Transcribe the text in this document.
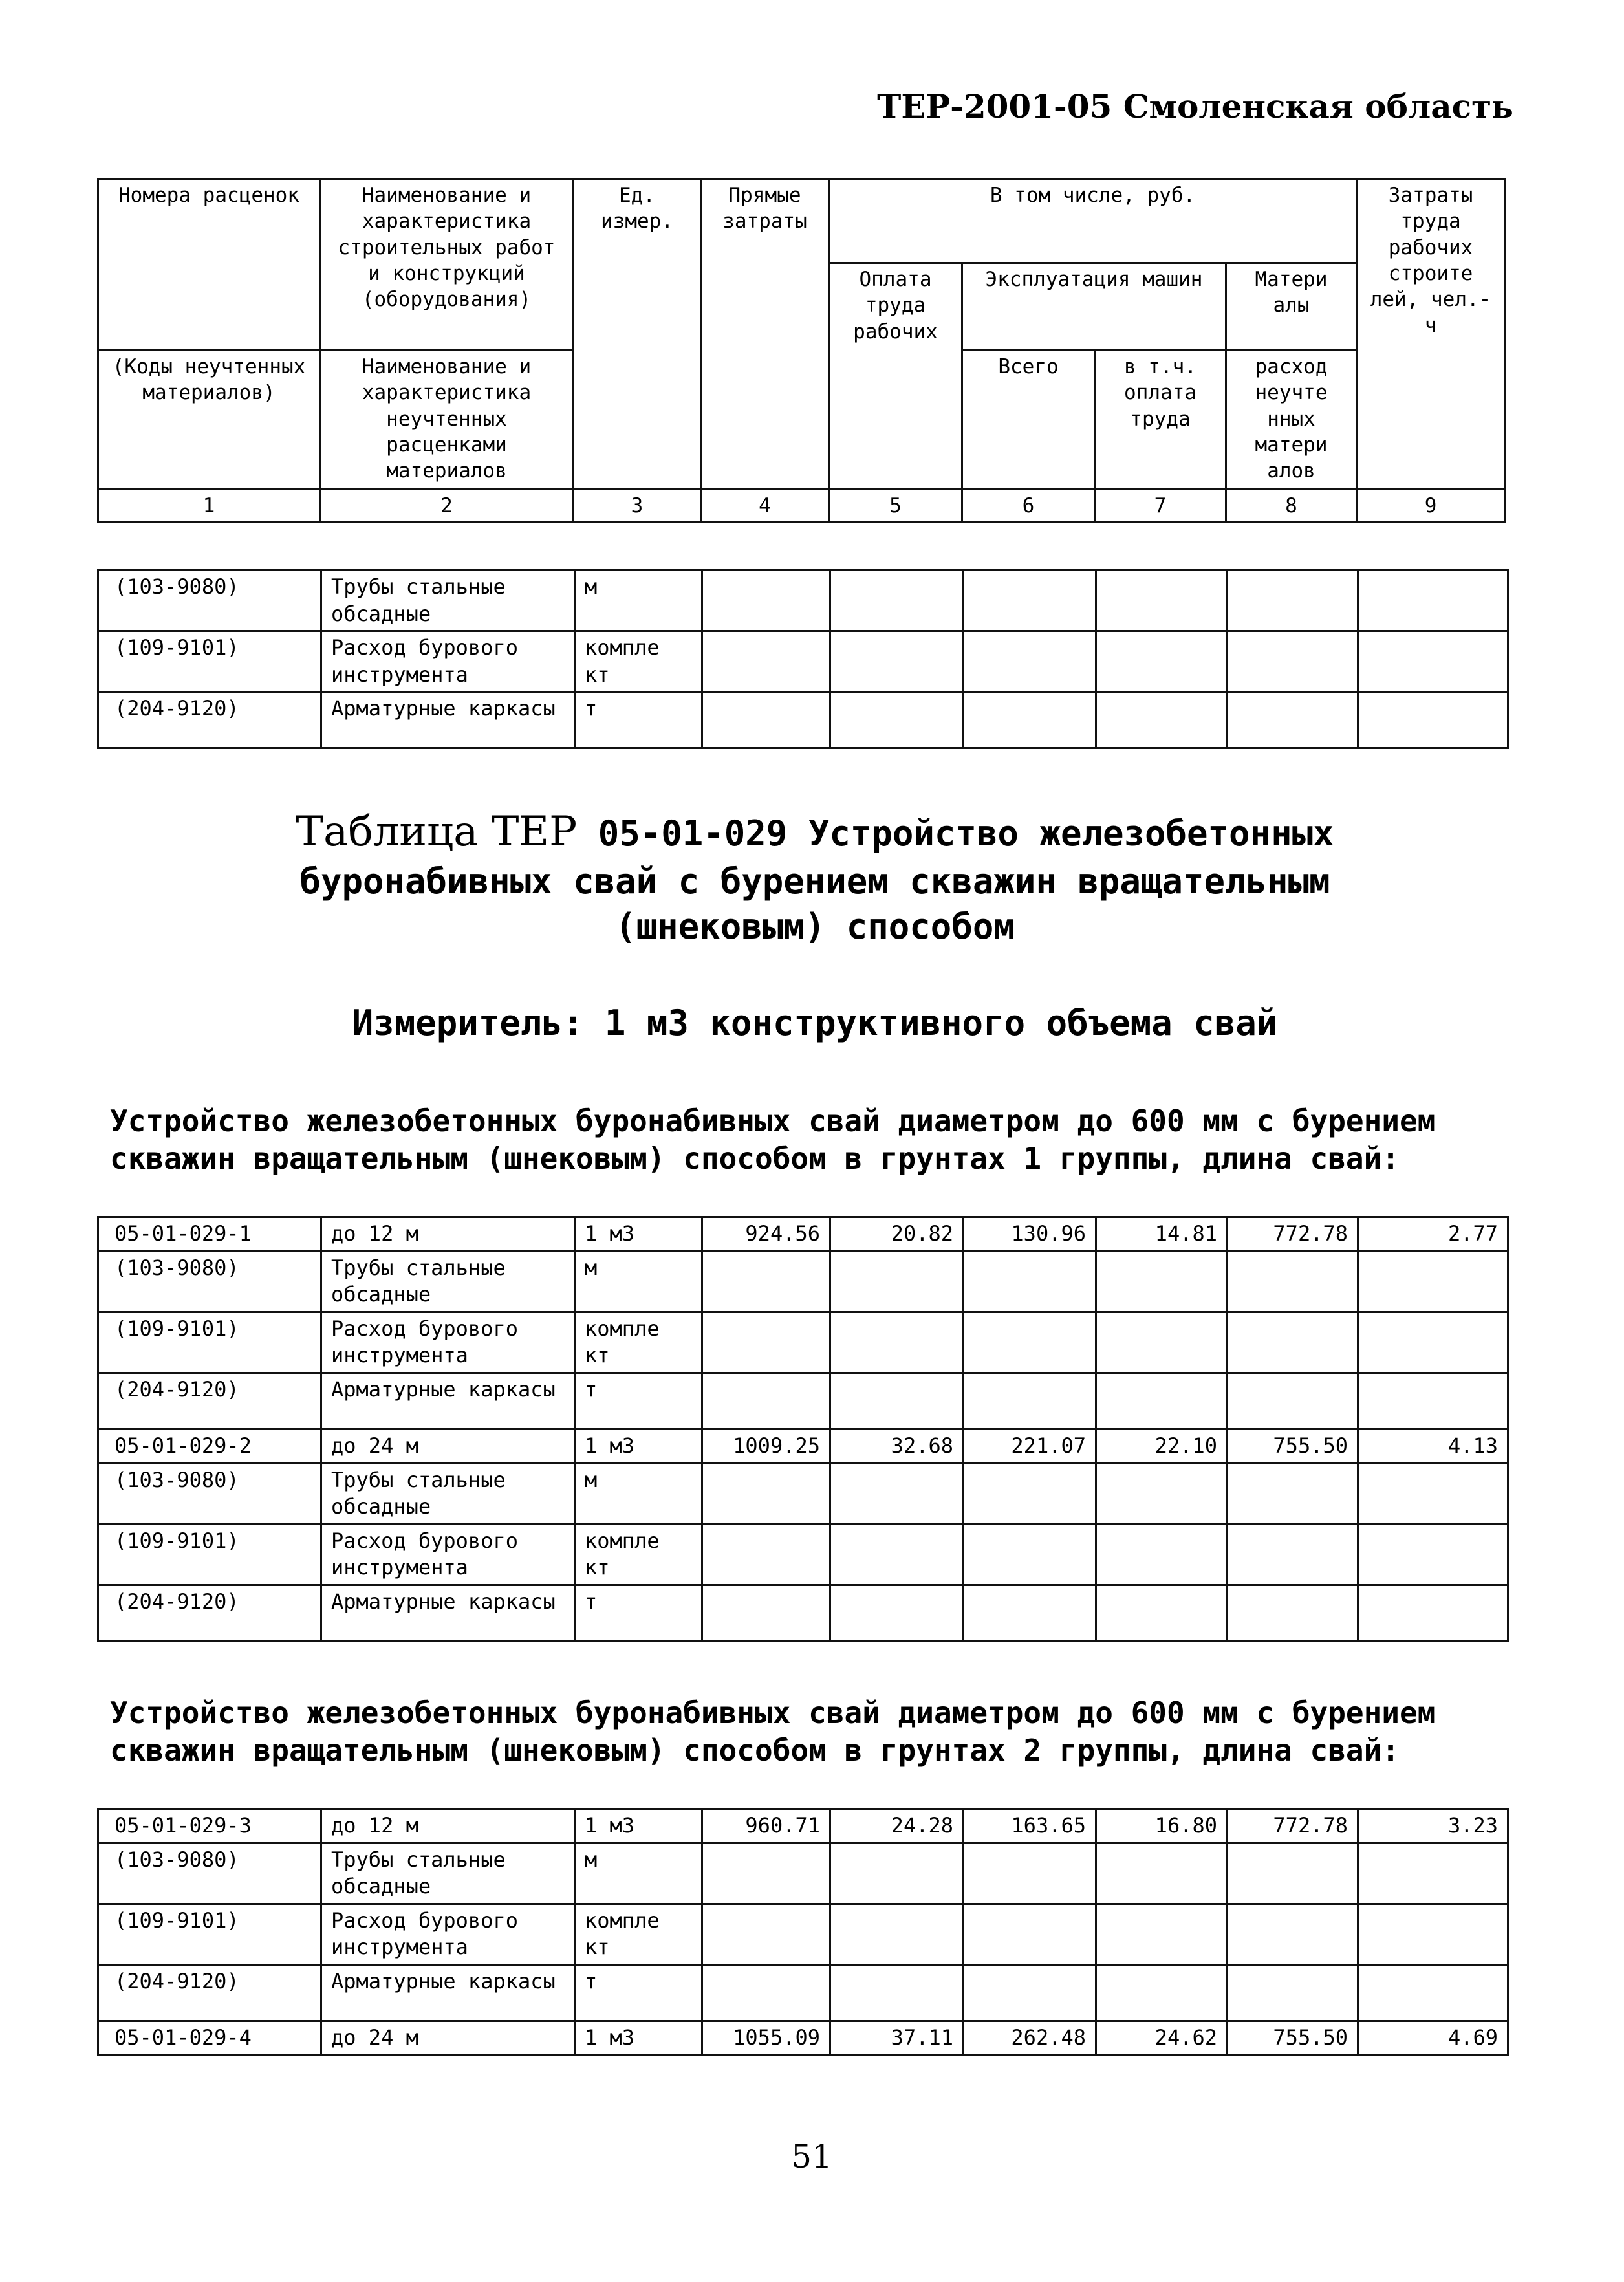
ТЕР-2001-05 Смоленская область
Номера расценок	Наименование и характеристика строительных работ и конструкций (оборудования)	Ед. измер.	Прямые затраты	В том числе, руб.				Затраты труда рабочих строите лей, чел.-ч
				Оплата труда рабочих	Эксплуатация машин		Матери алы	
(Коды неучтенных материалов)	Наименование и характеристика неучтенных расценками материалов				Всего	в т.ч. оплата труда	расход неучте нных матери алов	
1	2	3	4	5	6	7	8	9
(103-9080)	Трубы стальные обсадные	м						
(109-9101)	Расход бурового инструмента	компле кт						
(204-9120)	Арматурные каркасы	т						
Таблица ТЕР 05-01-029 Устройство железобетонных
буронабивных свай с бурением скважин вращательным
(шнековым) способом
Измеритель: 1 м3 конструктивного объема свай
Устройство железобетонных буронабивных свай диаметром до 600 мм с бурением скважин вращательным (шнековым) способом в грунтах 1 группы, длина свай:
05-01-029-1	до 12 м	1 м3	924.56	20.82	130.96	14.81	772.78	2.77
(103-9080)	Трубы стальные обсадные	м						
(109-9101)	Расход бурового инструмента	компле кт						
(204-9120)	Арматурные каркасы	т						
05-01-029-2	до 24 м	1 м3	1009.25	32.68	221.07	22.10	755.50	4.13
(103-9080)	Трубы стальные обсадные	м						
(109-9101)	Расход бурового инструмента	компле кт						
(204-9120)	Арматурные каркасы	т						
Устройство железобетонных буронабивных свай диаметром до 600 мм с бурением скважин вращательным (шнековым) способом в грунтах 2 группы, длина свай:
05-01-029-3	до 12 м	1 м3	960.71	24.28	163.65	16.80	772.78	3.23
(103-9080)	Трубы стальные обсадные	м						
(109-9101)	Расход бурового инструмента	компле кт						
(204-9120)	Арматурные каркасы	т						
05-01-029-4	до 24 м	1 м3	1055.09	37.11	262.48	24.62	755.50	4.69
51
